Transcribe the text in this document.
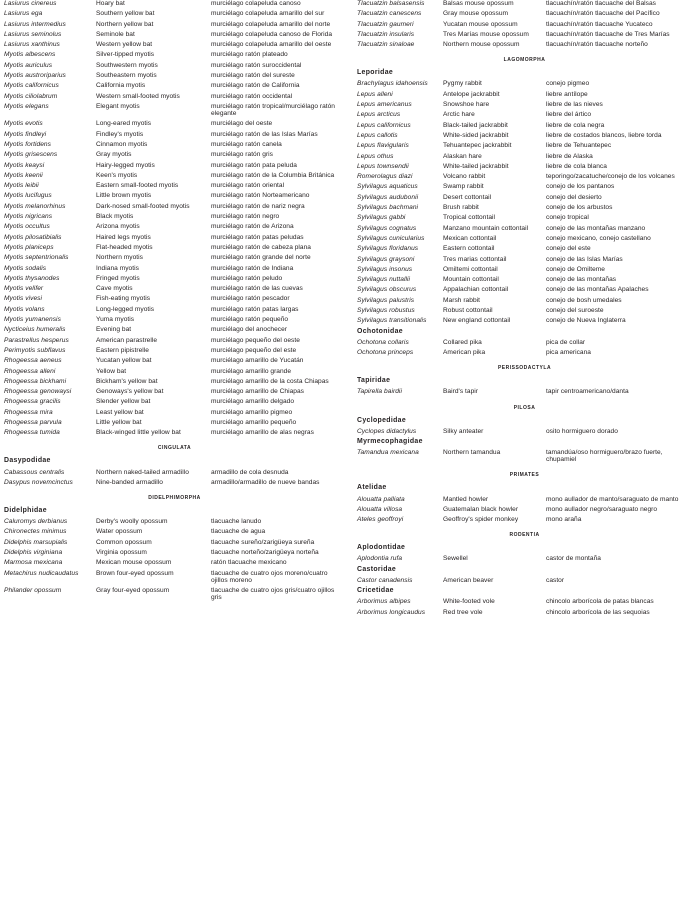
Lasiurus cinereus	Hoary bat	murciélago colapeluda canoso
Lasiurus ega	Southern yellow bat	murciélago colapeluda amarillo del sur
Lasiurus intermedius	Northern yellow bat	murciélago colapeluda amarillo del norte
Lasiurus seminolus	Seminole bat	murciélago colapeluda canoso de Florida
Lasiurus xanthinus	Western yellow bat	murciélago colapeluda amarillo del oeste
Myotis albescens	Silver-tipped myotis	murciélago ratón plateado
Myotis auriculus	Southwestern myotis	murciélago ratón suroccidental
Myotis austroriparius	Southeastern myotis	murciélago ratón del sureste
Myotis californicus	California myotis	murciélago ratón de California
Myotis ciliolabrum	Western small-footed myotis	murciélago ratón occidental
Myotis elegans	Elegant myotis	murciélago ratón tropical/murciélago ratón elegante
Myotis evotis	Long-eared myotis	murciélago del oeste
Myotis findleyi	Findley's myotis	murciélago ratón de las Islas Marías
Myotis fortidens	Cinnamon myotis	murciélago ratón canela
Myotis grisescens	Gray myotis	murciélago ratón gris
Myotis keaysi	Hairy-legged myotis	murciélago ratón pata peluda
Myotis keenii	Keen's myotis	murciélago ratón de la Columbia Británica
Myotis leibii	Eastern small-footed myotis	murciélago ratón oriental
Myotis lucifugus	Little brown myotis	murciélago ratón Norteamericano
Myotis melanorhinus	Dark-nosed small-footed myotis	murciélago ratón de nariz negra
Myotis nigricans	Black myotis	murciélago ratón negro
Myotis occultus	Arizona myotis	murciélago ratón de Arizona
Myotis pilosatibialis	Haired legs myotis	murciélago ratón patas peludas
Myotis planiceps	Flat-headed myotis	murciélago ratón de cabeza plana
Myotis septentrionalis	Northern myotis	murciélago ratón grande del norte
Myotis sodalis	Indiana myotis	murciélago ratón de Indiana
Myotis thysanodes	Fringed myotis	murciélago ratón peludo
Myotis velifer	Cave myotis	murciélago ratón de las cuevas
Myotis vivesi	Fish-eating myotis	murciélago ratón pescador
Myotis volans	Long-legged myotis	murciélago ratón patas largas
Myotis yumanensis	Yuma myotis	murciélago ratón pequeño
Nycticeius humeralis	Evening bat	murciélago del anochecer
Parastrellus hesperus	American parastrelle	murciélago pequeño del oeste
Perimyotis subflavus	Eastern pipistrelle	murciélago pequeño del este
Rhogeessa aeneus	Yucatan yellow bat	murciélago amarillo de Yucatán
Rhogeessa alleni	Yellow bat	murciélago amarillo grande
Rhogeessa bickhami	Bickham's yellow bat	murciélago amarillo de la costa Chiapas
Rhogeessa genowaysi	Genoways's yellow bat	murciélago amarillo de Chiapas
Rhogeessa gracilis	Slender yellow bat	murciélago amarillo delgado
Rhogeessa mira	Least yellow bat	murciélago amarillo pigmeo
Rhogeessa parvula	Little yellow bat	murciélago amarillo pequeño
Rhogeessa tumida	Black-winged little yellow bat	murciélago amarillo de alas negras
cingulata
Dasypodidae
Cabassous centralis	Northern naked-tailed armadillo	armadillo de cola desnuda
Dasypus novemcinctus	Nine-banded armadillo	armadillo/armadillo de nueve bandas
didelphimorpha
Didelphidae
Caluromys derbianus	Derby's woolly opossum	tlacuache lanudo
Chironectes minimus	Water opossum	tlacuache de agua
Didelphis marsupialis	Common opossum	tlacuache sureño/zarigüeya sureña
Didelphis virginiana	Virginia opossum	tlacuache norteño/zarigüeya norteña
Marmosa mexicana	Mexican mouse opossum	ratón tlacuache mexicano
Metachirus nudicaudatus	Brown four-eyed opossum	tlacuache de cuatro ojos moreno/cuatro ojillos moreno
Philander opossum	Gray four-eyed opossum	tlacuache de cuatro ojos gris/cuatro ojillos gris
Tlacuatzin balsasensis	Balsas mouse opossum	tlacuachín/ratón tlacuache del Balsas
Tlacuatzin canescens	Gray mouse opossum	tlacuachín/ratón tlacuache del Pacífico
Tlacuatzin gaumeri	Yucatan mouse opossum	tlacuachín/ratón tlacuache Yucateco
Tlacuatzin insularis	Tres Marías mouse opossum	tlacuachín/ratón tlacuache de Tres Marías
Tlacuatzin sinaloae	Northern mouse opossum	tlacuachín/ratón tlacuache norteño
lagomorpha
Leporidae
Brachylagus idahoensis	Pygmy rabbit	conejo pigmeo
Lepus alleni	Antelope jackrabbit	liebre antílope
Lepus americanus	Snowshoe hare	liebre de las nieves
Lepus arcticus	Arctic hare	liebre del ártico
Lepus californicus	Black-tailed jackrabbit	liebre de cola negra
Lepus callotis	White-sided jackrabbit	liebre de costados blancos, liebre torda
Lepus flavigularis	Tehuantepec jackrabbit	liebre de Tehuantepec
Lepus othus	Alaskan hare	liebre de Alaska
Lepus townsendii	White-tailed jackrabbit	liebre de cola blanca
Romerolagus diazi	Volcano rabbit	teporingo/zacatuche/conejo de los volcanes
Sylvilagus aquaticus	Swamp rabbit	conejo de los pantanos
Sylvilagus audubonii	Desert cottontail	conejo del desierto
Sylvilagus bachmani	Brush rabbit	conejo de los arbustos
Sylvilagus gabbi	Tropical cottontail	conejo tropical
Sylvilagus cognatus	Manzano mountain cottontail	conejo de las montañas manzano
Sylvilagus cunicularius	Mexican cottontail	conejo mexicano, conejo castellano
Sylvilagus floridanus	Eastern cottontail	conejo del este
Sylvilagus graysoni	Tres marias cottontail	conejo de las Islas Marías
Sylvilagus insonus	Omiltemi cottontail	conejo de Omilteme
Sylvilagus nuttallii	Mountain cottontail	conejo de las montañas
Sylvilagus obscurus	Appalachian cottontail	conejo de las montañas Apalaches
Sylvilagus palustris	Marsh rabbit	conejo de bosh umedales
Sylvilagus robustus	Robust cottontail	conejo del suroeste
Sylvilagus transitionalis	New england cottontail	conejo de Nueva Inglaterra
Ochotonidae
Ochotona collaris	Collared pika	pica de collar
Ochotona princeps	American pika	pica americana
perissodactyla
Tapiridae
Tapirella bairdii	Baird's tapir	tapir centroamericano/danta
pilosa
Cyclopedidae
Cyclopes didactylus	Silky anteater	osito hormiguero dorado
Myrmecophagidae
Tamandua mexicana	Northern tamandua	tamandúa/oso hormiguero/brazo fuerte, chupamiel
primates
Atelidae
Alouatta palliata	Mantled howler	mono aullador de manto/saraguato de manto
Alouatta villosa	Guatemalan black howler	mono aullador negro/saraguato negro
Ateles geoffroyi	Geoffroy's spider monkey	mono araña
rodentia
Aplodontidae
Aplodontia rufa	Sewellel	castor de montaña
Castoridae
Castor canadensis	American beaver	castor
Cricetidae
Arborimus albipes	White-footed vole	chincolo arborícola de patas blancas
Arborimus longicaudus	Red tree vole	chincolo arborícola de las sequoias
